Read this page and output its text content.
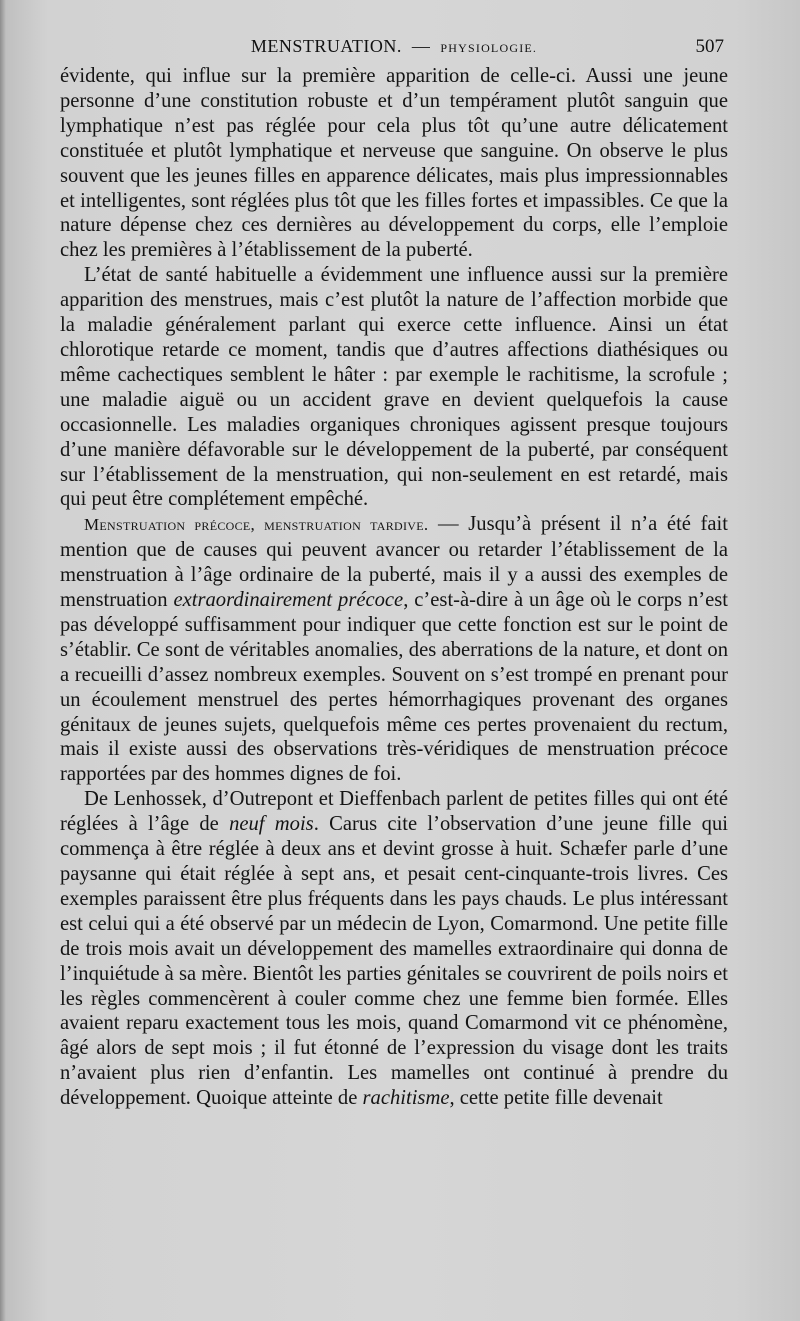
MENSTRUATION. — PHYSIOLOGIE.	507

évidente, qui influe sur la première apparition de celle-ci. Aussi une jeune personne d’une constitution robuste et d’un tempérament plutôt sanguin que lymphatique n’est pas réglée pour cela plus tôt qu’une autre délicatement constituée et plutôt lymphatique et nerveuse que sanguine. On observe le plus souvent que les jeunes filles en apparence délicates, mais plus impressionnables et intelligentes, sont réglées plus tôt que les filles fortes et impassibles. Ce que la nature dépense chez ces dernières au développement du corps, elle l’emploie chez les premières à l’établissement de la puberté.

L’état de santé habituelle a évidemment une influence aussi sur la première apparition des menstrues, mais c’est plutôt la nature de l’affection morbide que la maladie généralement parlant qui exerce cette influence. Ainsi un état chlorotique retarde ce moment, tandis que d’autres affections diathésiques ou même cachectiques semblent le hâter : par exemple le rachitisme, la scrofule ; une maladie aiguë ou un accident grave en devient quelquefois la cause occasionnelle. Les maladies organiques chroniques agissent presque toujours d’une manière défavorable sur le développement de la puberté, par conséquent sur l’établissement de la menstruation, qui non-seulement en est retardé, mais qui peut être complétement empêché.

Menstruation précoce, menstruation tardive. — Jusqu’à présent il n’a été fait mention que de causes qui peuvent avancer ou retarder l’établissement de la menstruation à l’âge ordinaire de la puberté, mais il y a aussi des exemples de menstruation extraordinairement précoce, c’est-à-dire à un âge où le corps n’est pas développé suffisamment pour indiquer que cette fonction est sur le point de s’établir. Ce sont de véritables anomalies, des aberrations de la nature, et dont on a recueilli d’assez nombreux exemples. Souvent on s’est trompé en prenant pour un écoulement menstruel des pertes hémorrhagiques provenant des organes génitaux de jeunes sujets, quelquefois même ces pertes provenaient du rectum, mais il existe aussi des observations très-véridiques de menstruation précoce rapportées par des hommes dignes de foi.

De Lenhossek, d’Outrepont et Dieffenbach parlent de petites filles qui ont été réglées à l’âge de neuf mois. Carus cite l’observation d’une jeune fille qui commença à être réglée à deux ans et devint grosse à huit. Schæfer parle d’une paysanne qui était réglée à sept ans, et pesait cent-cinquante-trois livres. Ces exemples paraissent être plus fréquents dans les pays chauds. Le plus intéressant est celui qui a été observé par un médecin de Lyon, Comarmond. Une petite fille de trois mois avait un développement des mamelles extraordinaire qui donna de l’inquiétude à sa mère. Bientôt les parties génitales se couvrirent de poils noirs et les règles commencèrent à couler comme chez une femme bien formée. Elles avaient reparu exactement tous les mois, quand Comarmond vit ce phénomène, âgé alors de sept mois ; il fut étonné de l’expression du visage dont les traits n’avaient plus rien d’enfantin. Les mamelles ont continué à prendre du développement. Quoique atteinte de rachitisme, cette petite fille devenait
